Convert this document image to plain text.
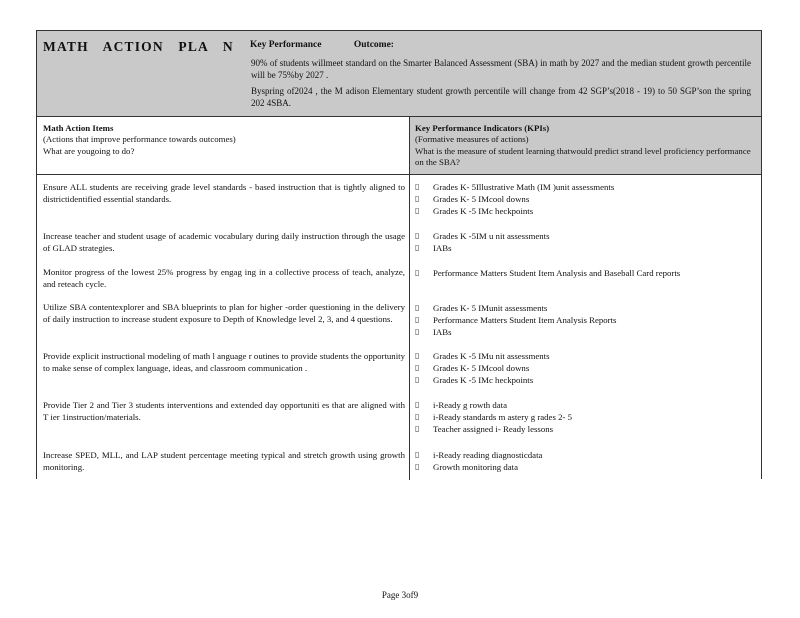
MATH ACTION PLA N Key Performance	Outcome:
90% of students willmeet standard on the Smarter Balanced Assessment (SBA) in math by 2027 and the median student growth percentile will be 75%by 2027 .
Byspring of2024 , the M adison Elementary student growth percentile will change from 42 SGP’s(2018 - 19) to 50 SGP’son the spring 202 4SBA.
Math Action Items
(Actions that improve performance towards outcomes)
What are yougoing to do?
Key Performance Indicators (KPIs)
(Formative measures of actions)
What is the measure of student learning thatwould predict strand level proficiency performance on the SBA?
Ensure ALL students are receiving grade level standards - based instruction that is tightly aligned to districtidentified essential standards.
▯ Grades K- 5Illustrative Math (IM )unit assessments
▯ Grades K- 5 IMcool downs
▯ Grades K -5 IMc heckpoints
Increase teacher and student usage of academic vocabulary during daily instruction through the usage of GLAD strategies.
▯ Grades K -5IM u nit assessments
▯ IABs
Monitor progress of the lowest 25% progress by engag ing in a collective process of teach, analyze, and reteach cycle.
▯ Performance Matters Student Item Analysis and Baseball Card reports
Utilize SBA contentexplorer and SBA blueprints to plan for higher -order questioning in the delivery of daily instruction to increase student exposure to Depth of Knowledge level 2, 3, and 4 questions.
▯ Grades K- 5 IMunit assessments
▯ Performance Matters Student Item Analysis Reports
▯ IABs
Provide explicit instructional modeling of math l anguage r outines to provide students the opportunity to make sense of complex language, ideas, and classroom communication .
▯ Grades K -5 IMu nit assessments
▯ Grades K- 5 IMcool downs
▯ Grades K -5 IMc heckpoints
Provide Tier 2 and Tier 3 students interventions and extended day opportuniti es that are aligned with T ier 1instruction/materials.
▯ i-Ready g rowth data
▯ i-Ready standards m astery g rades 2- 5
▯ Teacher assigned i- Ready lessons
Increase SPED, MLL, and LAP student percentage meeting typical and stretch growth using growth monitoring.
▯ i-Ready reading diagnosticdata
▯ Growth monitoring data
Page 3of9
